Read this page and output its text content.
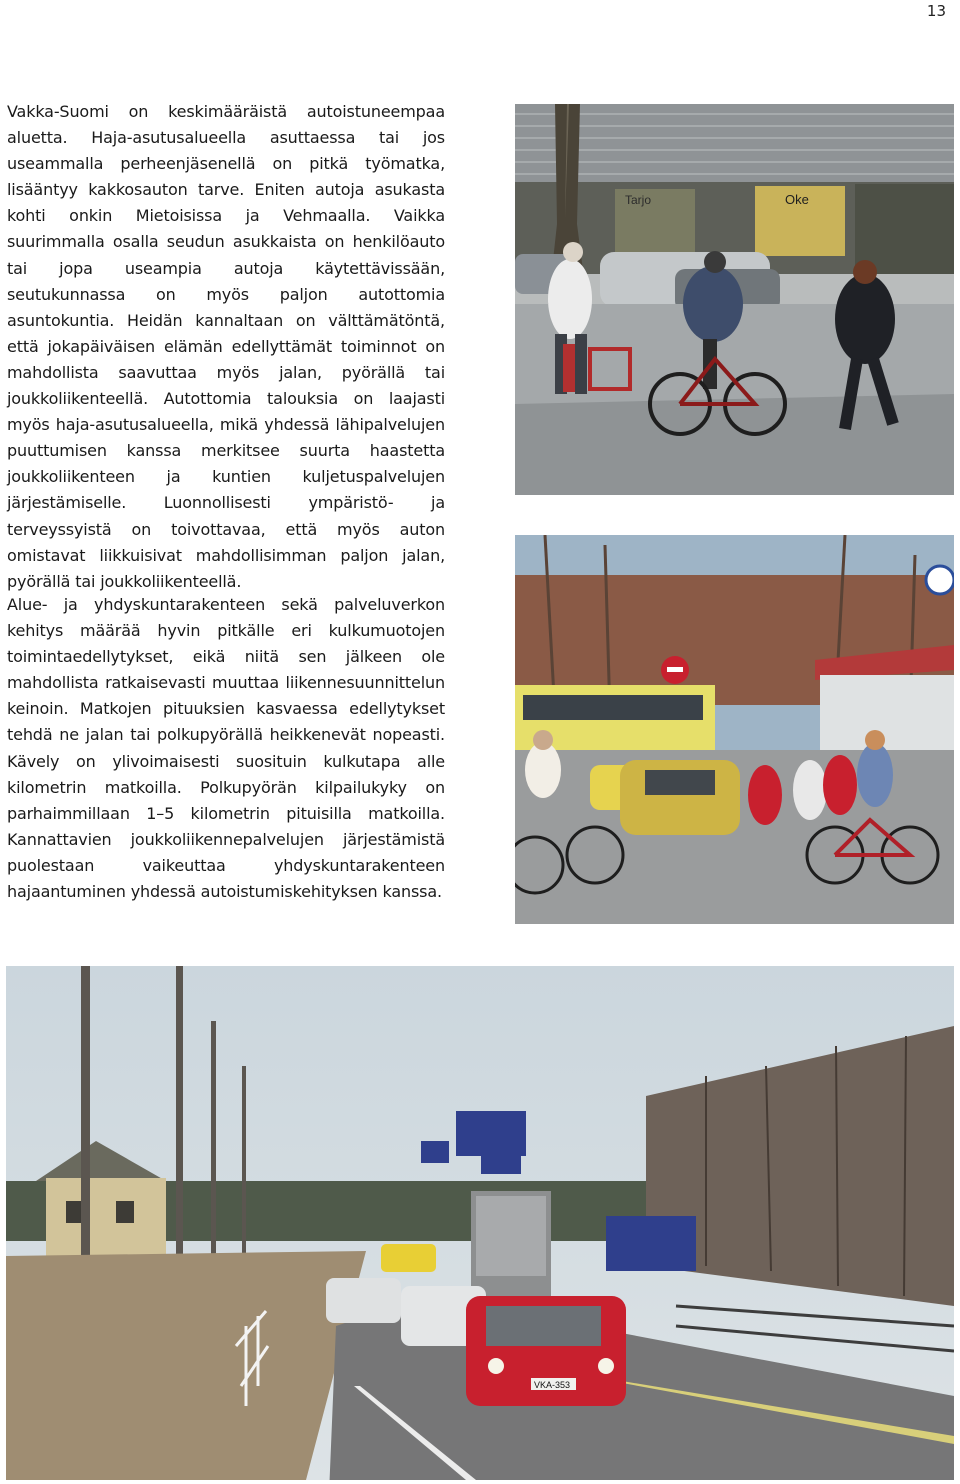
13

Vakka-Suomi on keskimääräistä autoistuneempaa aluetta. Haja-asutusalueella asuttaessa tai jos useammalla perheenjäsenellä on pitkä työmatka, lisääntyy kakkosauton tarve. Eniten autoja asukasta kohti onkin Mietoisissa ja Vehmaalla. Vaikka suurimmalla osalla seudun asukkaista on henkilöauto tai jopa useampia autoja käytettävissään, seutukunnassa on myös paljon autottomia asuntokuntia. Heidän kannaltaan on välttämätöntä, että jokapäiväisen elämän edellyttämät toiminnot on mahdollista saavuttaa myös jalan, pyörällä tai joukkoliikenteellä. Autottomia talouksia on laajasti myös haja-asutusalueella, mikä yhdessä lähipalvelujen puuttumisen kanssa merkitsee suurta haastetta joukkoliikenteen ja kuntien kuljetuspalvelujen järjestämiselle. Luonnollisesti ympäristö- ja terveyssyistä on toivottavaa, että myös auton omistavat liikkuisivat mahdollisimman paljon jalan, pyörällä tai joukkoliikenteellä.

Alue- ja yhdyskuntarakenteen sekä palveluverkon kehitys määrää hyvin pitkälle eri kulkumuotojen toimintaedellytykset, eikä niitä sen jälkeen ole mahdollista ratkaisevasti muuttaa liikennesuunnittelun keinoin. Matkojen pituuksien kasvaessa edellytykset tehdä ne jalan tai polkupyörällä heikkenevät nopeasti. Kävely on ylivoimaisesti suosituin kulkutapa alle kilometrin matkoilla. Polkupyörän kilpailukyky on parhaimmillaan 1–5 kilometrin pituisilla matkoilla. Kannattavien joukkoliikennepalvelujen järjestämistä puolestaan vaikeuttaa yhdyskuntarakenteen hajaantuminen yhdessä autoistumiskehityksen kanssa.

Tarjo	Oke
VKA-353
